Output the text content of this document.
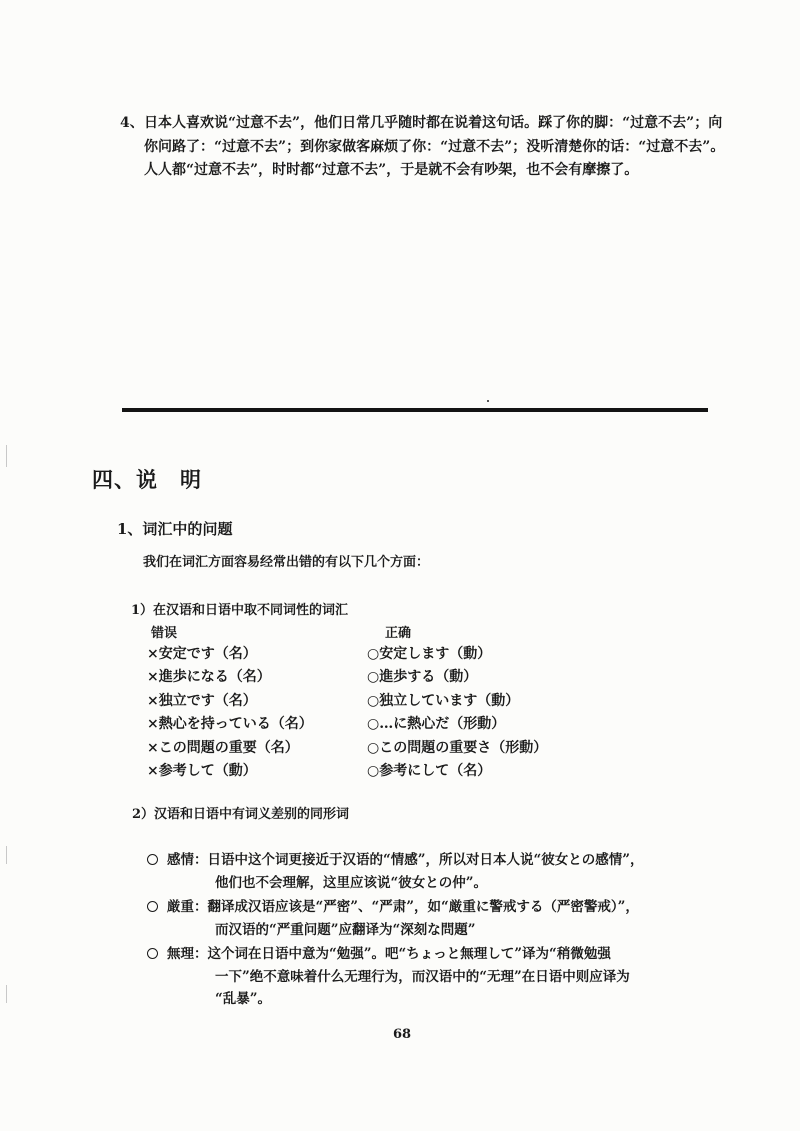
4、 日本人喜欢说“过意不去”，他们日常几乎随时都在说着这句话。踩了你的脚：“过意不去”；向你问路了：“过意不去”；到你家做客麻烦了你：“过意不去”；没听清楚你的话：“过意不去”。人人都“过意不去”，时时都“过意不去”，于是就不会有吵架，也不会有摩擦了。
四、说　明
1、词汇中的问题
我们在词汇方面容易经常出错的有以下几个方面：
1）在汉语和日语中取不同词性的词汇
错误
×安定です（名）
×進歩になる（名）
×独立です（名）
×熱心を持っている（名）
×この問題の重要（名）
×参考して（動）
正确
○安定します（動）
○進歩する（動）
○独立しています（動）
○…に熱心だ（形動）
○この問題の重要さ（形動）
○参考にして（名）
2）汉语和日语中有词义差别的同形词
感情：日语中这个词更接近于汉语的“情感”，所以对日本人说“彼女との感情”，
他们也不会理解，这里应该说“彼女との仲”。
厳重：翻译成汉语应该是“严密”、“严肃”，如“厳重に警戒する（严密警戒）”，
而汉语的“严重问题”应翻译为“深刻な問題”
無理：这个词在日语中意为“勉强”。吧“ちょっと無理して”译为“稍微勉强
一下”绝不意味着什么无理行为，而汉语中的“无理”在日语中则应译为
“乱暴”。
68
